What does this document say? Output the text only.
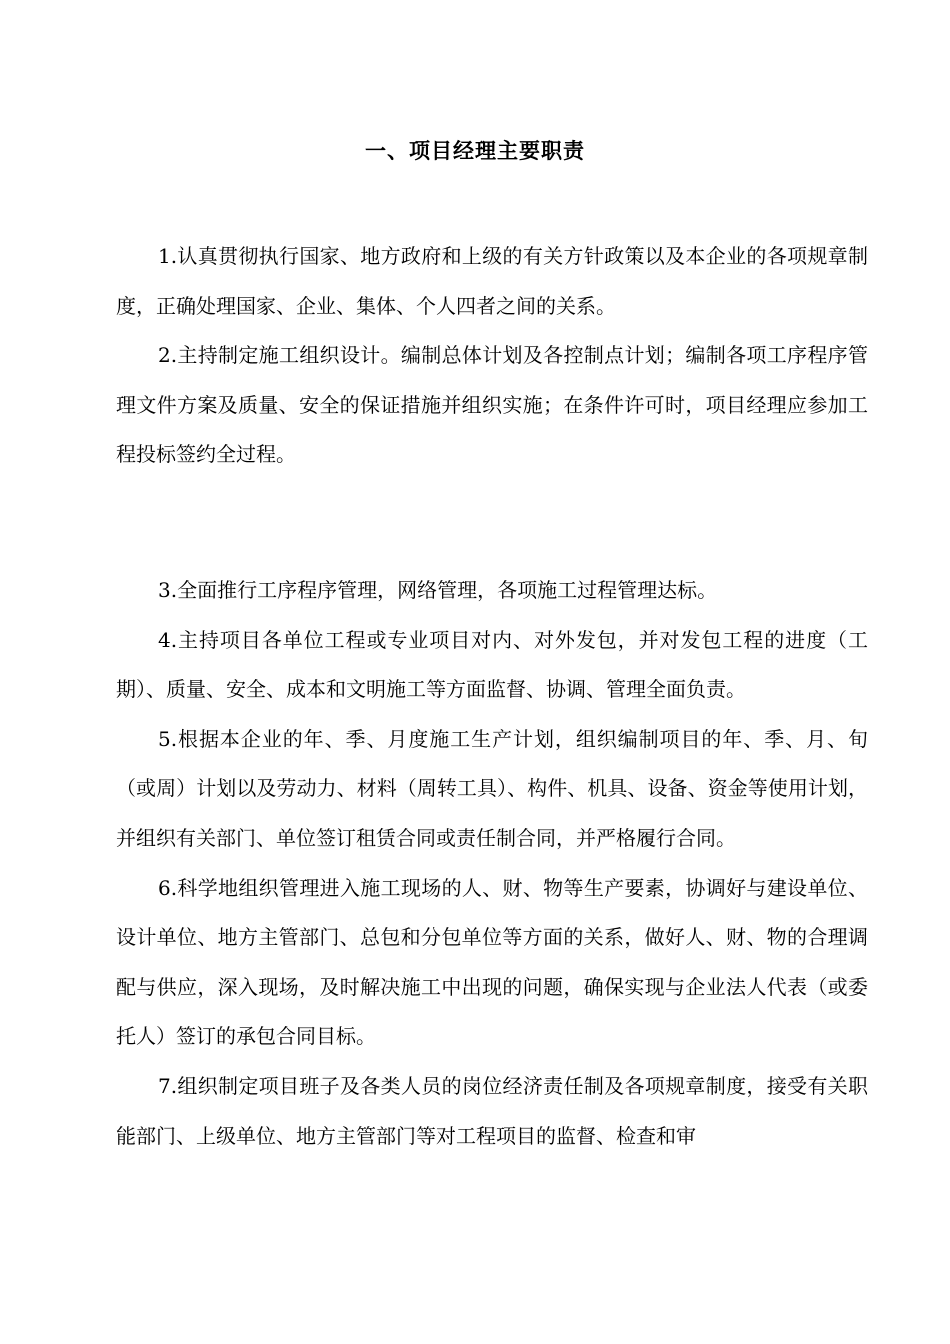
一、项目经理主要职责

1.认真贯彻执行国家、地方政府和上级的有关方针政策以及本企业的各项规章制度，正确处理国家、企业、集体、个人四者之间的关系。

2.主持制定施工组织设计。编制总体计划及各控制点计划；编制各项工序程序管理文件方案及质量、安全的保证措施并组织实施；在条件许可时，项目经理应参加工程投标签约全过程。

3.全面推行工序程序管理，网络管理，各项施工过程管理达标。

4.主持项目各单位工程或专业项目对内、对外发包，并对发包工程的进度（工期）、质量、安全、成本和文明施工等方面监督、协调、管理全面负责。

5.根据本企业的年、季、月度施工生产计划，组织编制项目的年、季、月、旬（或周）计划以及劳动力、材料（周转工具）、构件、机具、设备、资金等使用计划，并组织有关部门、单位签订租赁合同或责任制合同，并严格履行合同。

6.科学地组织管理进入施工现场的人、财、物等生产要素，协调好与建设单位、设计单位、地方主管部门、总包和分包单位等方面的关系，做好人、财、物的合理调配与供应，深入现场，及时解决施工中出现的问题，确保实现与企业法人代表（或委托人）签订的承包合同目标。

7.组织制定项目班子及各类人员的岗位经济责任制及各项规章制度，接受有关职能部门、上级单位、地方主管部门等对工程项目的监督、检查和审
